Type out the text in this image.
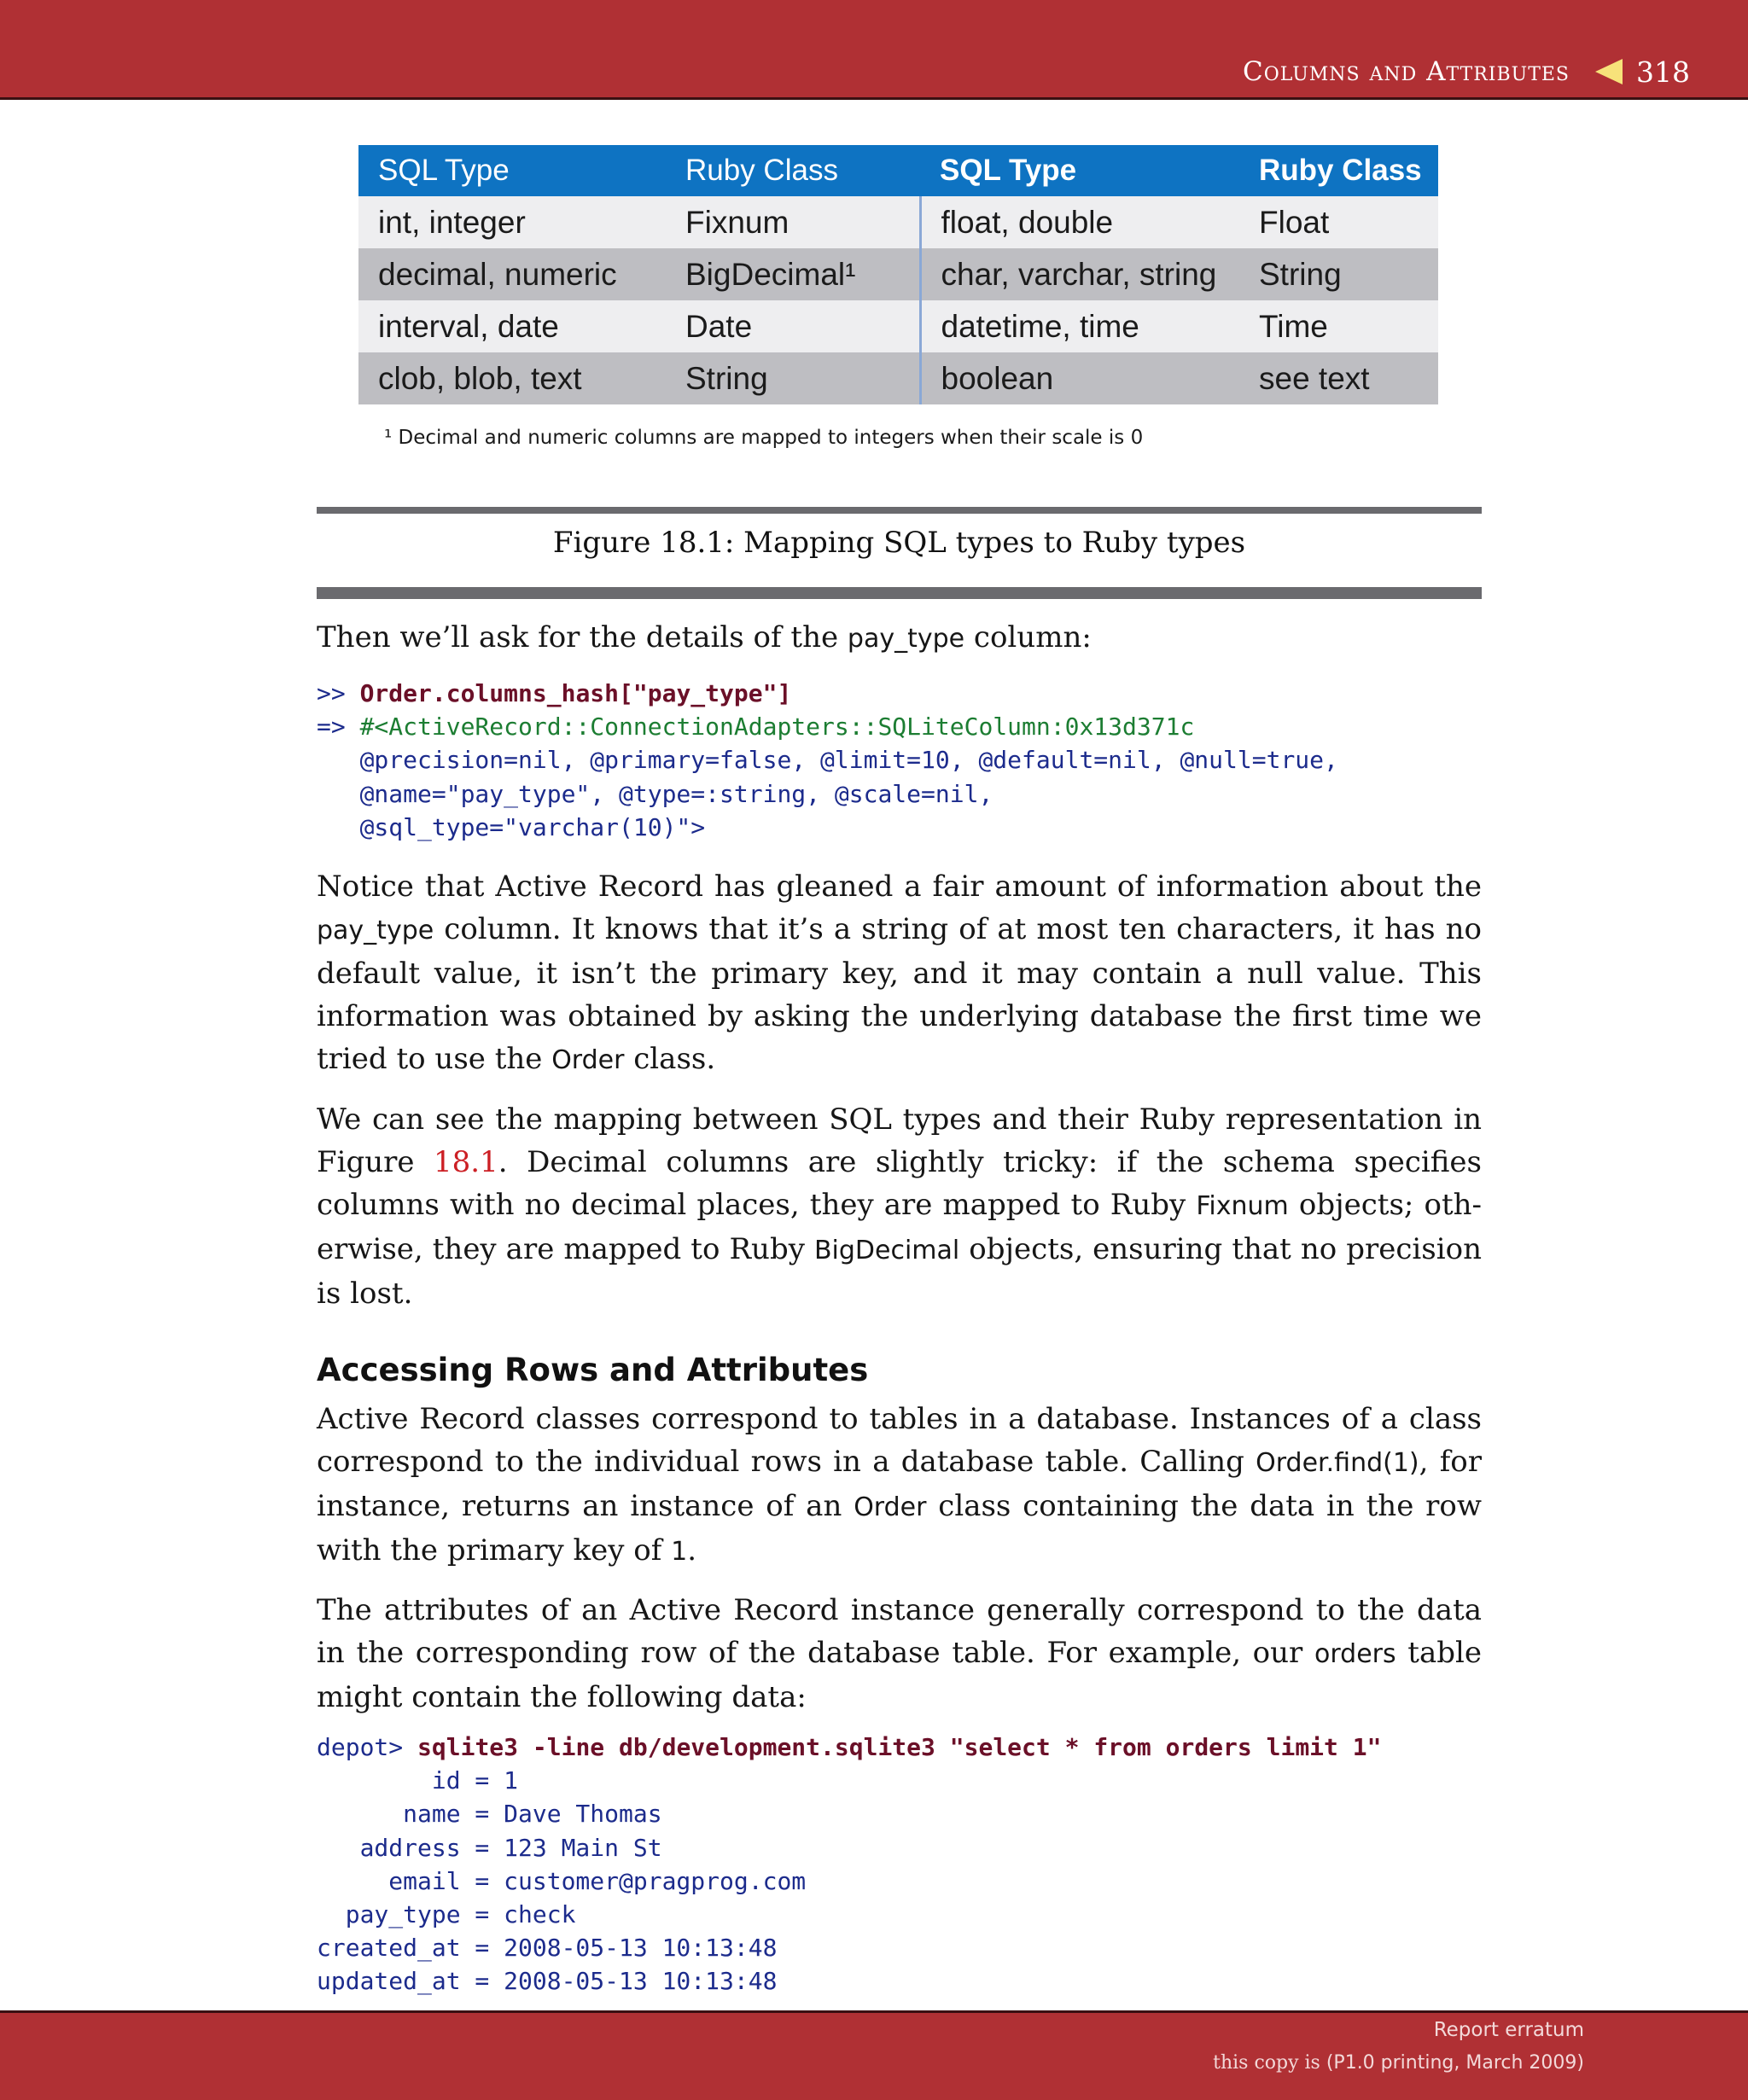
Columns and Attributes 318
SQL Type	Ruby Class	SQL Type	Ruby Class
int, integer	Fixnum	float, double	Float
decimal, numeric	BigDecimal¹	char, varchar, string	String
interval, date	Date	datetime, time	Time
clob, blob, text	String	boolean	see text
¹ Decimal and numeric columns are mapped to integers when their scale is 0
Figure 18.1: Mapping SQL types to Ruby types

Then we’ll ask for the details of the pay_type column:

>> Order.columns_hash["pay_type"]
=> #<ActiveRecord::ConnectionAdapters::SQLiteColumn:0x13d371c
@precision=nil, @primary=false, @limit=10, @default=nil, @null=true,
@name="pay_type", @type=:string, @scale=nil,
@sql_type="varchar(10)">

Notice that Active Record has gleaned a fair amount of information about the pay_type column. It knows that it’s a string of at most ten characters, it has no default value, it isn’t the primary key, and it may contain a null value. This information was obtained by asking the underlying database the first time we tried to use the Order class.

We can see the mapping between SQL types and their Ruby representation in Figure 18.1. Decimal columns are slightly tricky: if the schema specifies columns with no decimal places, they are mapped to Ruby Fixnum objects; oth- erwise, they are mapped to Ruby BigDecimal objects, ensuring that no precision is lost.

Accessing Rows and Attributes

Active Record classes correspond to tables in a database. Instances of a class correspond to the individual rows in a database table. Calling Order.find(1), for instance, returns an instance of an Order class containing the data in the row with the primary key of 1.

The attributes of an Active Record instance generally correspond to the data in the corresponding row of the database table. For example, our orders table might contain the following data:

depot> sqlite3 -line db/development.sqlite3 "select * from orders limit 1"
id = 1
name = Dave Thomas
address = 123 Main St
email = customer@pragprog.com
pay_type = check
created_at = 2008-05-13 10:13:48
updated_at = 2008-05-13 10:13:48
Report erratum
this copy is (P1.0 printing, March 2009)
